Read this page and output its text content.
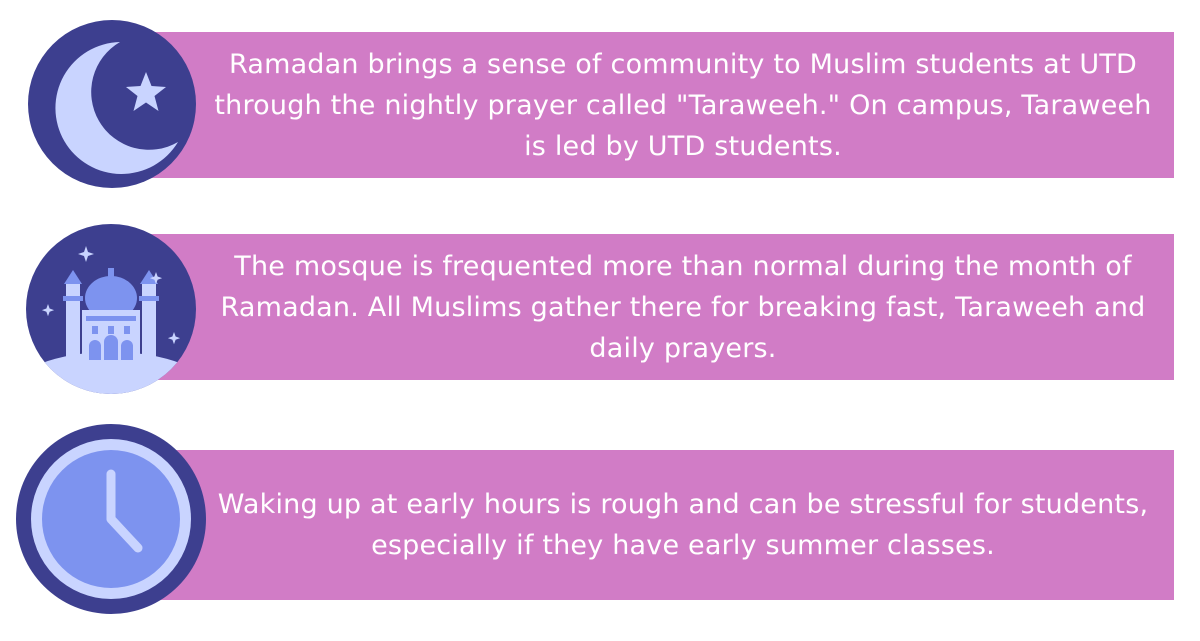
Ramadan brings a sense of community to Muslim students at UTD through the nightly prayer called "Taraweeh." On campus, Taraweeh is led by UTD students.
The mosque is frequented more than normal during the month of Ramadan. All Muslims gather there for breaking fast, Taraweeh and daily prayers.
Waking up at early hours is rough and can be stressful for students, especially if they have early summer classes.
